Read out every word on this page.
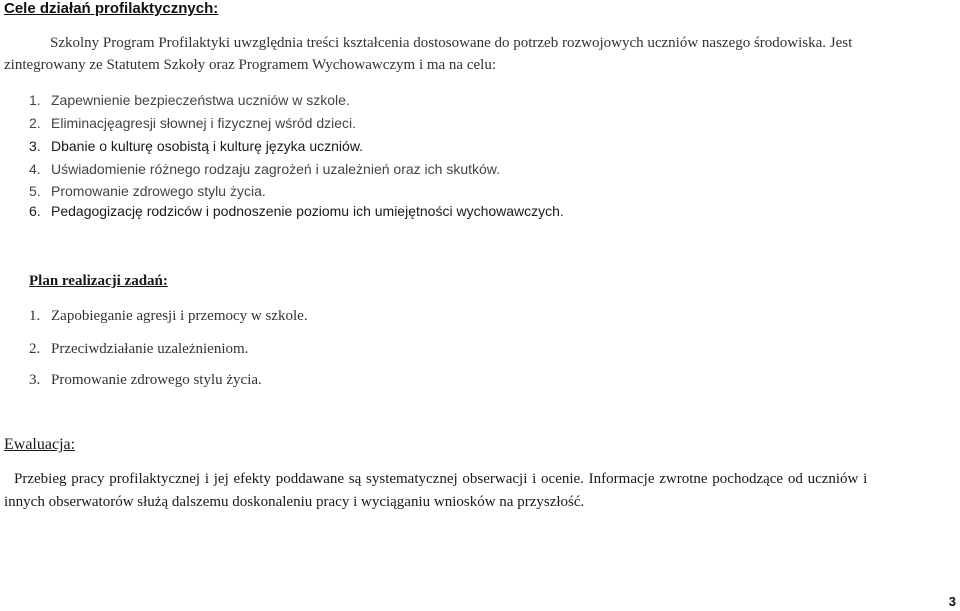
Cele działań profilaktycznych:
Szkolny Program Profilaktyki uwzględnia treści kształcenia dostosowane do potrzeb rozwojowych uczniów naszego środowiska. Jest
zintegrowany ze Statutem Szkoły oraz Programem Wychowawczym i ma na celu:
1. Zapewnienie bezpieczeństwa uczniów w szkole.
2. Eliminacjęagresji słownej i fizycznej wśród dzieci.
3. Dbanie o kulturę osobistą i kulturę języka uczniów.
4. Uświadomienie różnego rodzaju zagrożeń i uzależnień oraz ich skutków.
5. Promowanie zdrowego stylu życia.
6. Pedagogizację rodziców i podnoszenie poziomu ich umiejętności wychowawczych.
Plan realizacji zadań:
1. Zapobieganie agresji i przemocy w szkole.
2. Przeciwdziałanie uzależnieniom.
3. Promowanie zdrowego stylu życia.
Ewaluacja:
Przebieg pracy profilaktycznej i jej efekty poddawane są systematycznej obserwacji i ocenie. Informacje zwrotne pochodzące od uczniów i
innych obserwatorów służą dalszemu doskonaleniu pracy i wyciąganiu wniosków na przyszłość.
3
